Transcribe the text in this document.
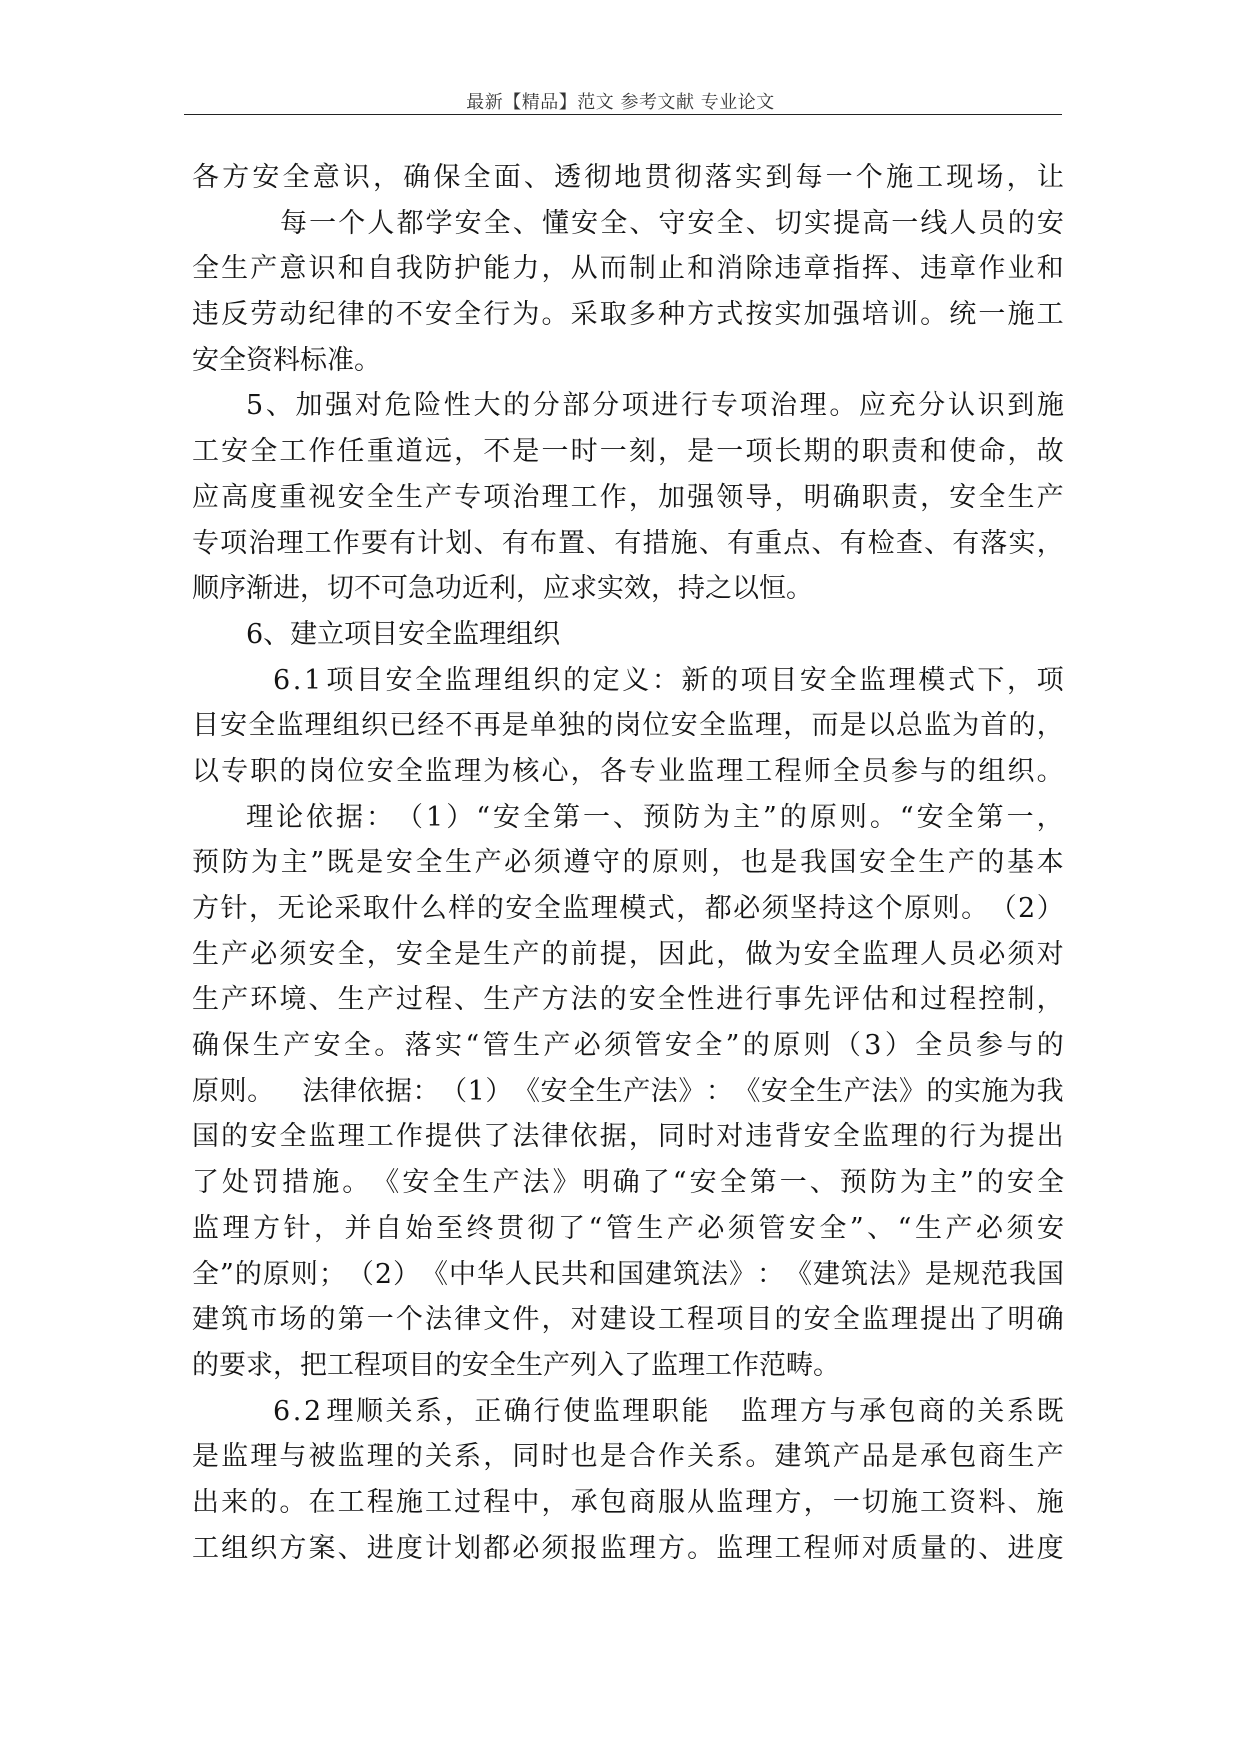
最新【精品】范文 参考文献 专业论文
各 方 安 全 意 识 ， 确 保 全 面 、 透 彻 地 贯 彻 落 实 到 每 一 个 施 工 现 场 ， 让
每 一 个 人 都 学 安 全 、 懂 安 全 、 守 安 全 、 切 实 提 高 一 线 人 员 的 安
全 生 产 意 识 和 自 我 防 护 能 力 ， 从 而 制 止 和 消 除 违 章 指 挥 、 违 章 作 业 和
违 反 劳 动 纪 律 的 不 安 全 行 为 。 采 取 多 种 方 式 按 实 加 强 培 训 。 统 一 施 工
安全资料标准。
5 、 加 强 对 危 险 性 大 的 分 部 分 项 进 行 专 项 治 理 。 应 充 分 认 识 到 施
工 安 全 工 作 任 重 道 远 ， 不 是 一 时 一 刻 ， 是 一 项 长 期 的 职 责 和 使 命 ， 故
应 高 度 重 视 安 全 生 产 专 项 治 理 工 作 ， 加 强 领 导 ， 明 确 职 责 ， 安 全 生 产
专 项 治 理 工 作 要 有 计 划 、 有 布 置 、 有 措 施 、 有 重 点 、 有 检 查 、 有 落 实 ，
顺序渐进，切不可急功近利，应求实效，持之以恒。
6、建立项目安全监理组织
6 . 1 项 目 安 全 监 理 组 织 的 定 义 ： 新 的 项 目 安 全 监 理 模 式 下 ， 项
目 安 全 监 理 组 织 已 经 不 再 是 单 独 的 岗 位 安 全 监 理 ， 而 是 以 总 监 为 首 的 ，
以 专 职 的 岗 位 安 全 监 理 为 核 心 ， 各 专 业 监 理 工 程 师 全 员 参 与 的 组 织 。
理 论 依 据 ： （ 1 ） “ 安 全 第 一 、 预 防 为 主 ” 的 原 则 。 “ 安 全 第 一 ，
预 防 为 主 ” 既 是 安 全 生 产 必 须 遵 守 的 原 则 ， 也 是 我 国 安 全 生 产 的 基 本
方 针 ， 无 论 采 取 什 么 样 的 安 全 监 理 模 式 ， 都 必 须 坚 持 这 个 原 则 。 （ 2 ）
生 产 必 须 安 全 ， 安 全 是 生 产 的 前 提 ， 因 此 ， 做 为 安 全 监 理 人 员 必 须 对
生 产 环 境 、 生 产 过 程 、 生 产 方 法 的 安 全 性 进 行 事 先 评 估 和 过 程 控 制 ，
确 保 生 产 安 全 。 落 实 “ 管 生 产 必 须 管 安 全 ” 的 原 则 （ 3 ） 全 员 参 与 的
原 则 。
　 法 律 依 据 ： （ 1 ） 《 安 全 生 产 法 》 ： 《 安 全 生 产 法 》 的 实 施 为 我
国 的 安 全 监 理 工 作 提 供 了 法 律 依 据 ， 同 时 对 违 背 安 全 监 理 的 行 为 提 出
了 处 罚 措 施 。 《 安 全 生 产 法 》 明 确 了 “ 安 全 第 一 、 预 防 为 主 ” 的 安 全
监 理 方 针 ， 并 自 始 至 终 贯 彻 了 “ 管 生 产 必 须 管 安 全 ” 、 “ 生 产 必 须 安
全 ” 的 原 则 ； （ 2 ） 《 中 华 人 民 共 和 国 建 筑 法 》 ： 《 建 筑 法 》 是 规 范 我 国
建 筑 市 场 的 第 一 个 法 律 文 件 ， 对 建 设 工 程 项 目 的 安 全 监 理 提 出 了 明 确
的要求，把工程项目的安全生产列入了监理工作范畴。
6 . 2 理 顺 关 系 ， 正 确 行 使 监 理 职 能
　 监 理 方 与 承 包 商 的 关 系 既
是 监 理 与 被 监 理 的 关 系 ， 同 时 也 是 合 作 关 系 。 建 筑 产 品 是 承 包 商 生 产
出 来 的 。 在 工 程 施 工 过 程 中 ， 承 包 商 服 从 监 理 方 ， 一 切 施 工 资 料 、 施
工 组 织 方 案 、 进 度 计 划 都 必 须 报 监 理 方 。 监 理 工 程 师 对 质 量 的 、 进 度
